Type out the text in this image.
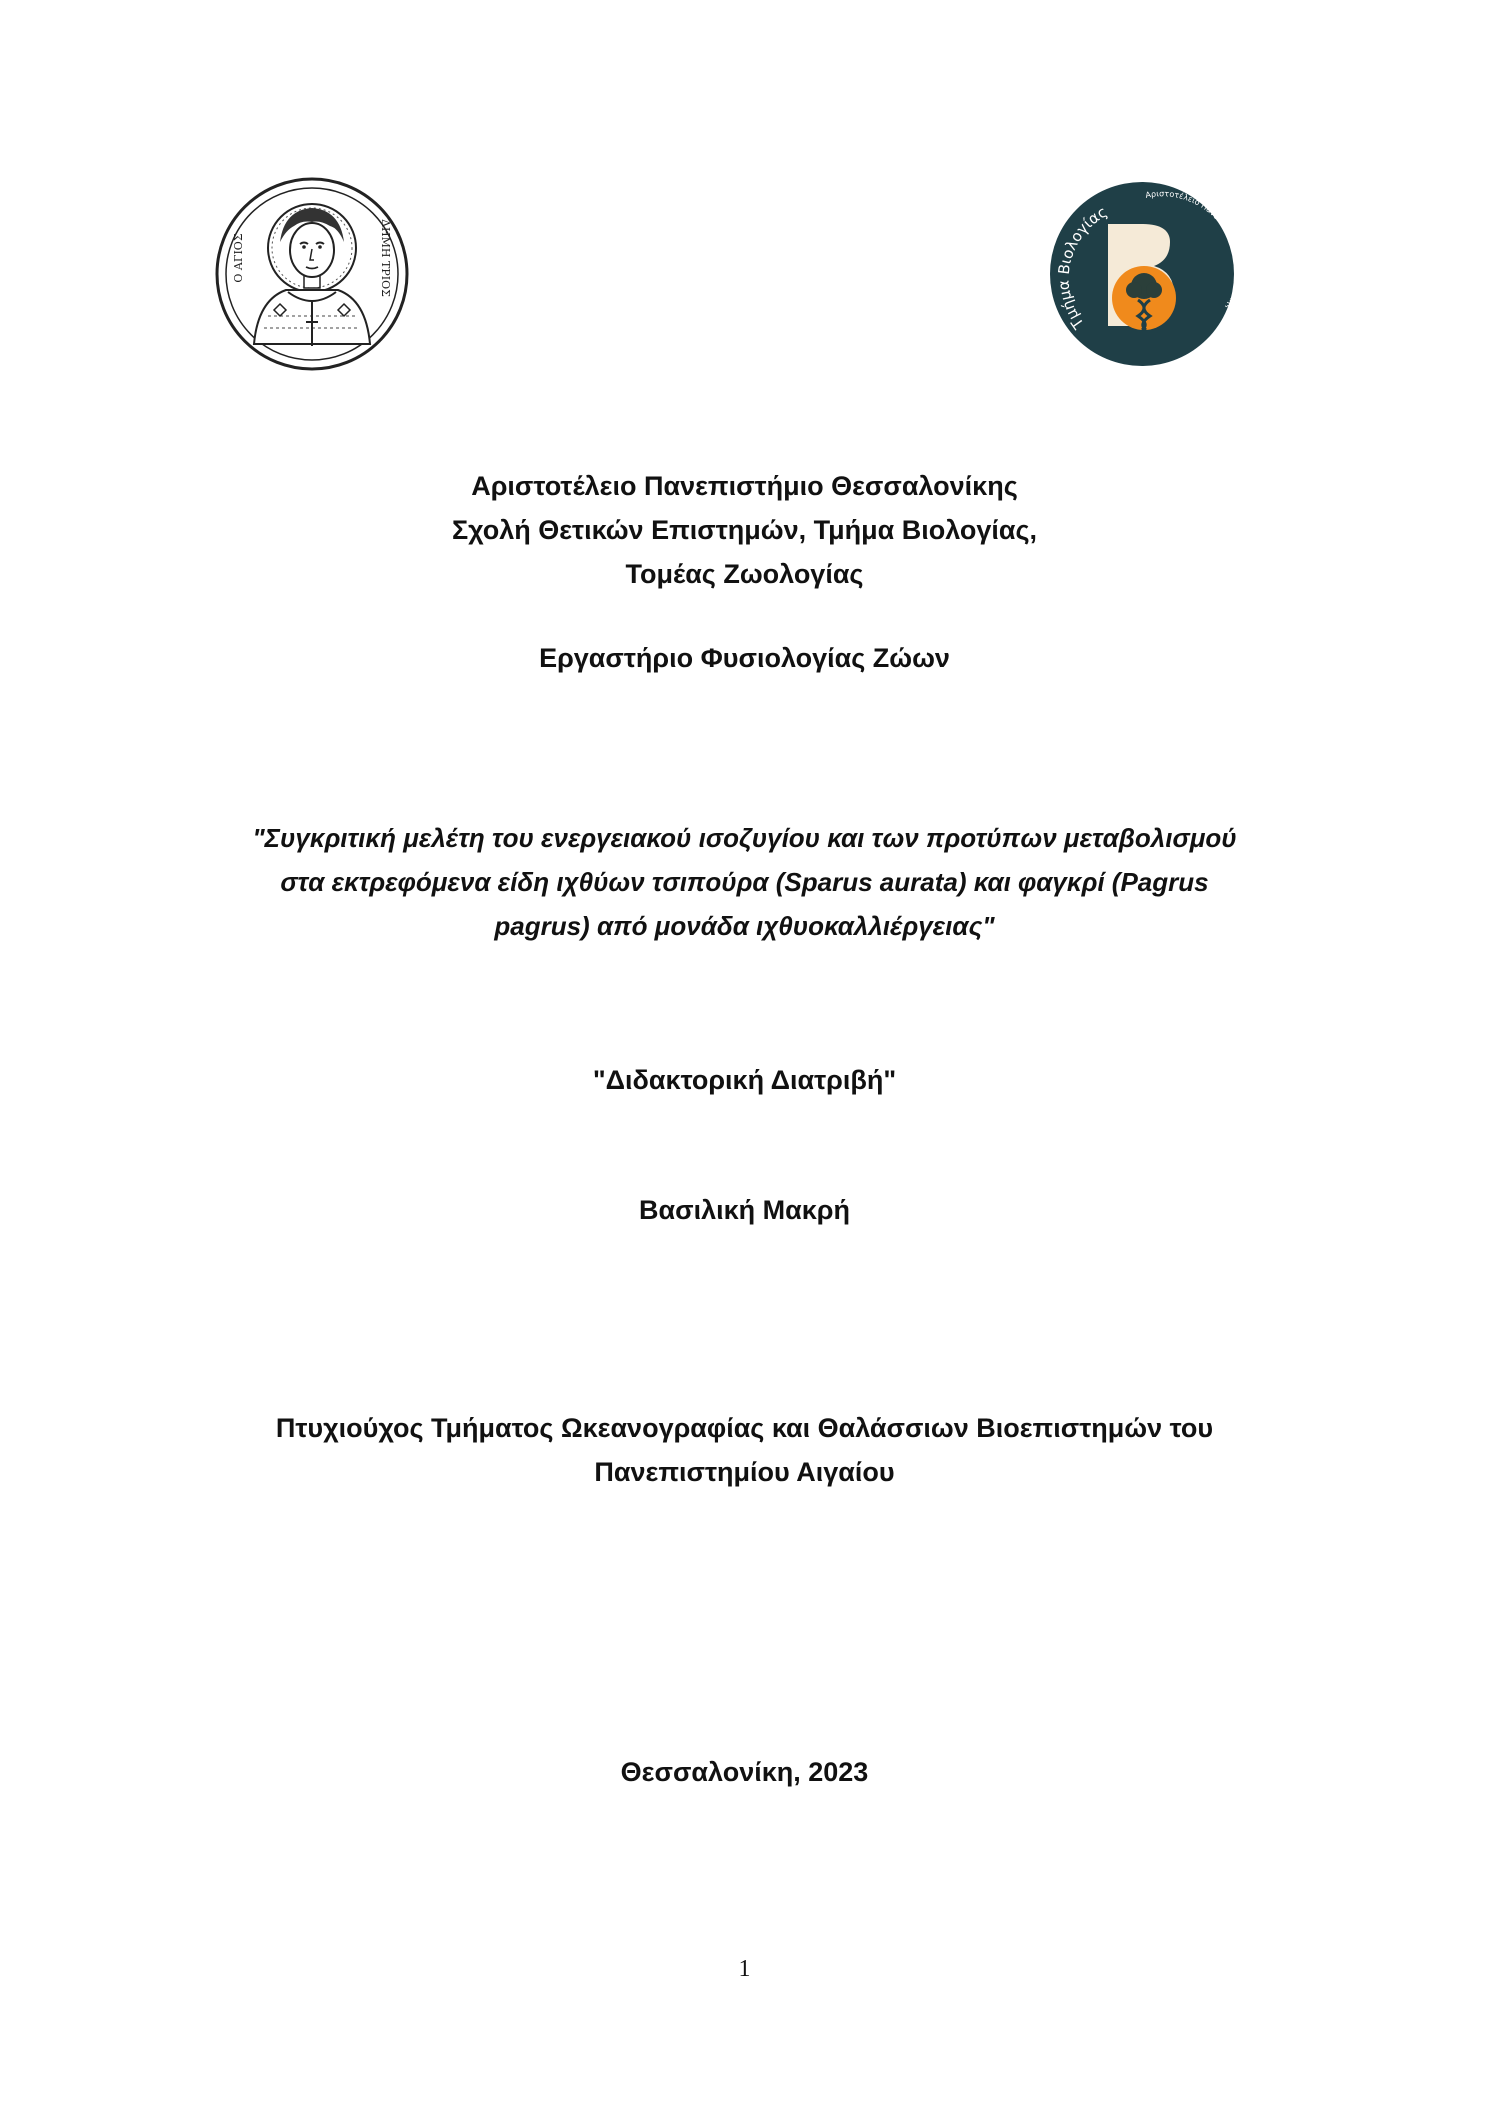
Ο ΑΓΙΟΣ	ΔΗΜΗ ΤΡΙΟΣ
Τμήμα Βιολογίας
Αριστοτέλειο Πανεπιστήμι κης
Αριστοτέλειο Πανεπιστήμιο Θεσσαλονίκης
Σχολή Θετικών Επιστημών, Τμήμα Βιολογίας,
Τομέας Ζωολογίας
Εργαστήριο Φυσιολογίας Ζώων
"Συγκριτική μελέτη του ενεργειακού ισοζυγίου και των προτύπων μεταβολισμού
στα εκτρεφόμενα είδη ιχθύων τσιπούρα (Sparus aurata) και φαγκρί (Pagrus
pagrus) από μονάδα ιχθυοκαλλιέργειας"
"Διδακτορική Διατριβή"
Βασιλική Μακρή
Πτυχιούχος Τμήματος Ωκεανογραφίας και Θαλάσσιων Βιοεπιστημών του
Πανεπιστημίου Αιγαίου
Θεσσαλονίκη, 2023
1
